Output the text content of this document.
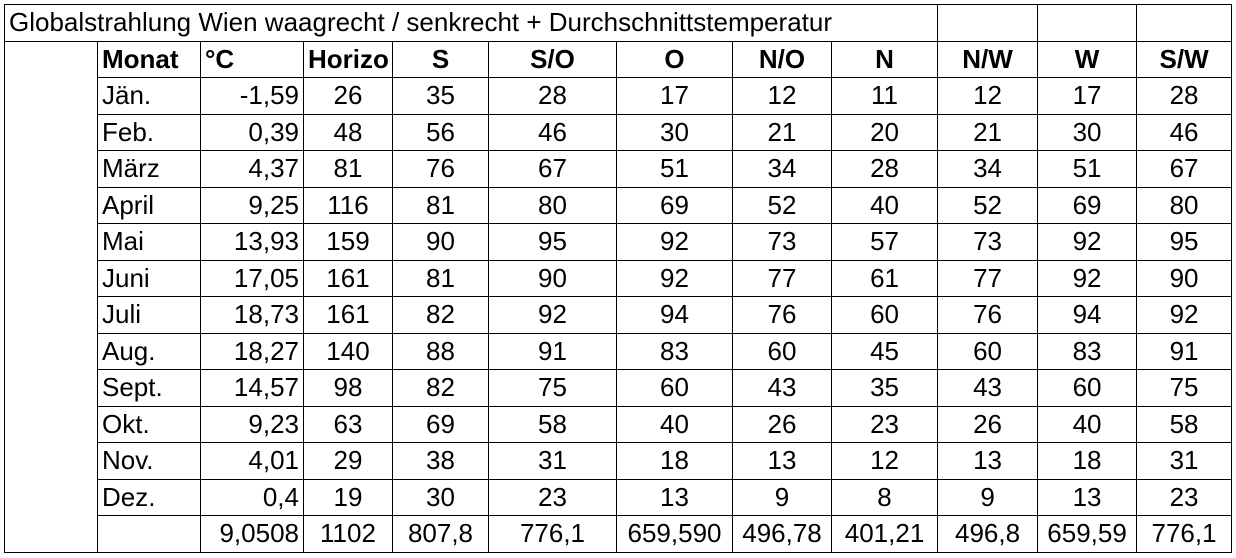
Globalstrahlung Wien waagrecht / senkrecht + Durchschnittstemperatur											
	Monat	°C	Horizo	S	S/O	O	N/O	N	N/W	W	S/W
	Jän.	-1,59	26	35	28	17	12	11	12	17	28
	Feb.	0,39	48	56	46	30	21	20	21	30	46
	März	4,37	81	76	67	51	34	28	34	51	67
	April	9,25	116	81	80	69	52	40	52	69	80
	Mai	13,93	159	90	95	92	73	57	73	92	95
	Juni	17,05	161	81	90	92	77	61	77	92	90
	Juli	18,73	161	82	92	94	76	60	76	94	92
	Aug.	18,27	140	88	91	83	60	45	60	83	91
	Sept.	14,57	98	82	75	60	43	35	43	60	75
	Okt.	9,23	63	69	58	40	26	23	26	40	58
	Nov.	4,01	29	38	31	18	13	12	13	18	31
	Dez.	0,4	19	30	23	13	9	8	9	13	23
		9,0508	1102	807,8	776,1	659,590	496,78	401,21	496,8	659,59	776,1
